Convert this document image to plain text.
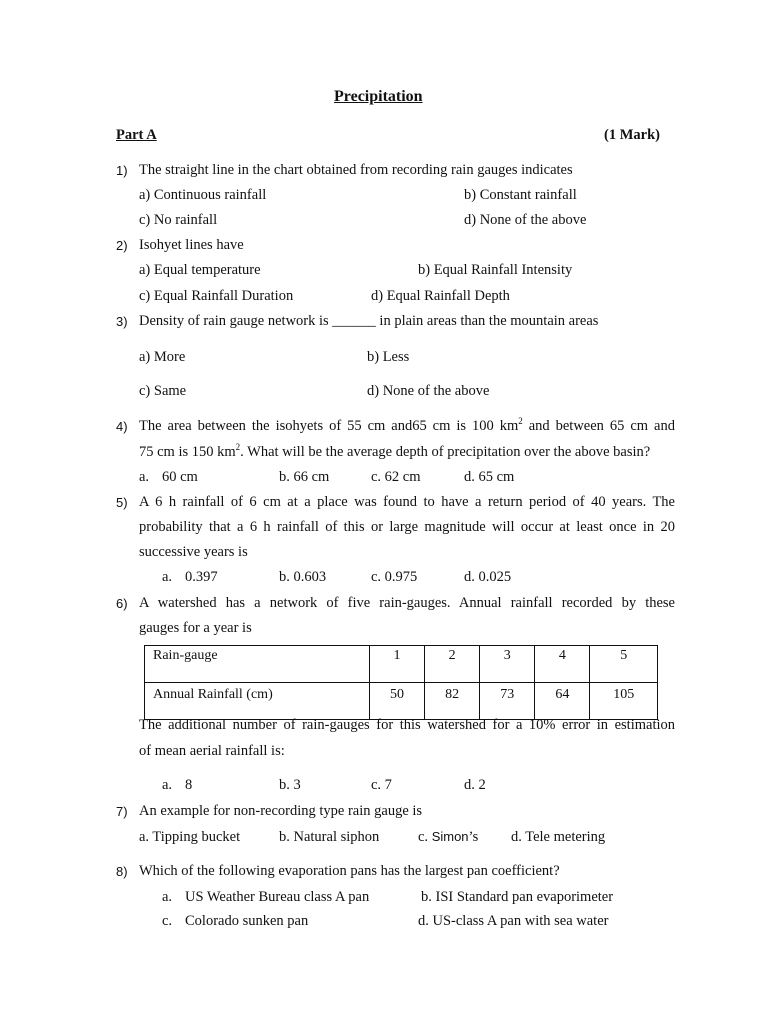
Precipitation
Part A	(1 Mark)
1) The straight line in the chart obtained from recording rain gauges indicates
a) Continuous rainfall	b) Constant rainfall
c) No rainfall	d) None of the above
2) Isohyet lines have
a) Equal temperature	b) Equal Rainfall Intensity
c) Equal Rainfall Duration	d) Equal Rainfall Depth
3) Density of rain gauge network is ______ in plain areas than the mountain areas
a) More	b) Less
c) Same	d) None of the above
4) The area between the isohyets of 55 cm and65 cm is 100 $km^2$ and between 65 cm and
75 cm is 150 $km^2$. What will be the average depth of precipitation over the above basin?
a. 60 cm	b. 66 cm	c. 62 cm	d. 65 cm
5) A 6 h rainfall of 6 cm at a place was found to have a return period of 40 years. The
probability that a 6 h rainfall of this or large magnitude will occur at least once in 20
successive years is
a. 0.397	b. 0.603	c. 0.975	d. 0.025
6) A watershed has a network of five rain-gauges. Annual rainfall recorded by these
gauges for a year is
Rain-gauge	1	2	3	4	5
Annual Rainfall (cm)	50	82	73	64	105
The additional number of rain-gauges for this watershed for a 10% error in estimation
of mean aerial rainfall is:
a. 8	b. 3	c. 7	d. 2
7) An example for non-recording type rain gauge is
a. Tipping bucket	b. Natural siphon	c. Simon’s d. Tele metering
8) Which of the following evaporation pans has the largest pan coefficient?
a. US Weather Bureau class A pan	b. ISI Standard pan evaporimeter
c. Colorado sunken pan	d. US-class A pan with sea water
